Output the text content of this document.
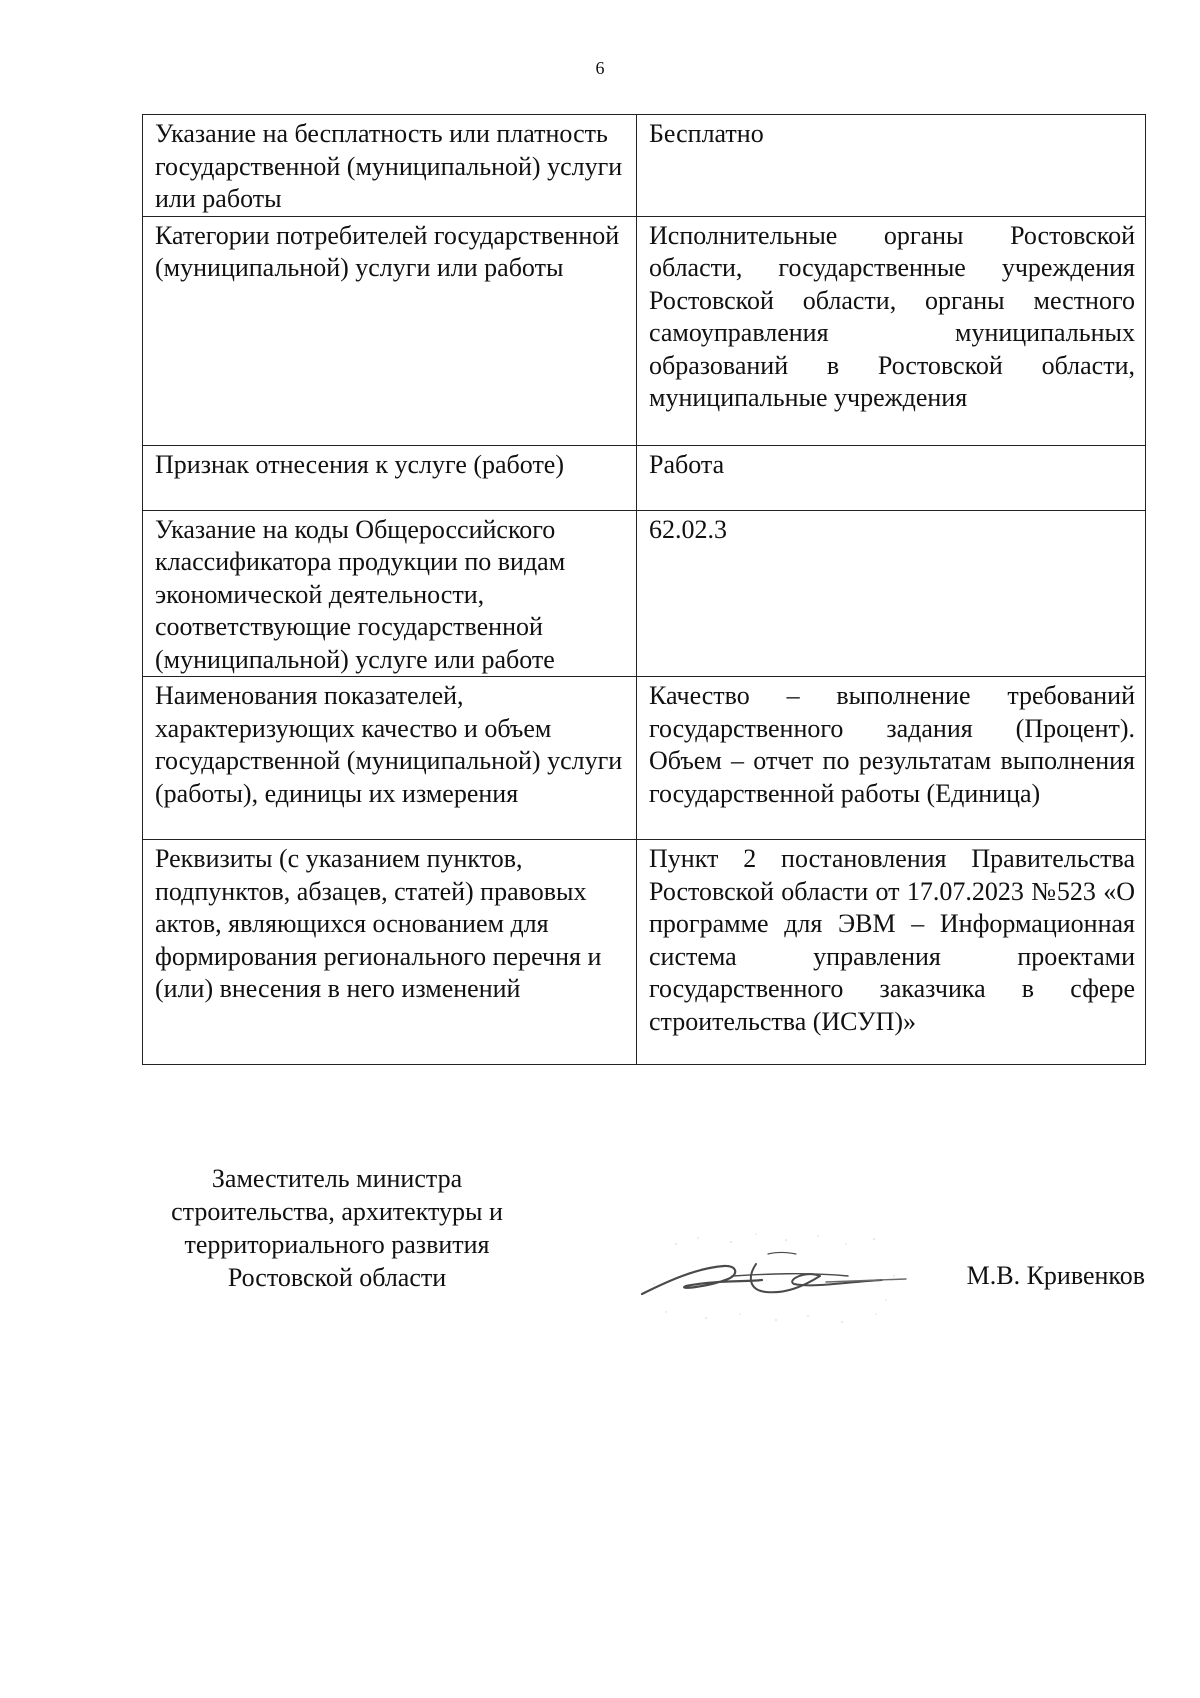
6
Указание на бесплатность или платность государственной (муниципальной) услуги или работы	Бесплатно
Категории потребителей государственной (муниципальной) услуги или работы	Исполнительные органы Ростовской области, государственные учреждения Ростовской области, органы местного самоуправления муниципальных образований в Ростовской области, муниципальные учреждения
Признак отнесения к услуге (работе)	Работа
Указание на коды Общероссийского классификатора продукции по видам экономической деятельности, соответствующие государственной (муниципальной) услуге или работе	62.02.3
Наименования показателей, характеризующих качество и объем государственной (муниципальной) услуги (работы), единицы их измерения	Качество – выполнение требований государственного задания (Процент). Объем – отчет по результатам выполнения государственной работы (Единица)
Реквизиты (с указанием пунктов, подпунктов, абзацев, статей) правовых актов, являющихся основанием для формирования регионального перечня и (или) внесения в него изменений	Пункт 2 постановления Правительства Ростовской области от 17.07.2023 №523 «О программе для ЭВМ – Информационная система управления проектами государственного заказчика в сфере строительства (ИСУП)»
Заместитель министра
строительства, архитектуры и
территориального развития
Ростовской области	М.В. Кривенков
